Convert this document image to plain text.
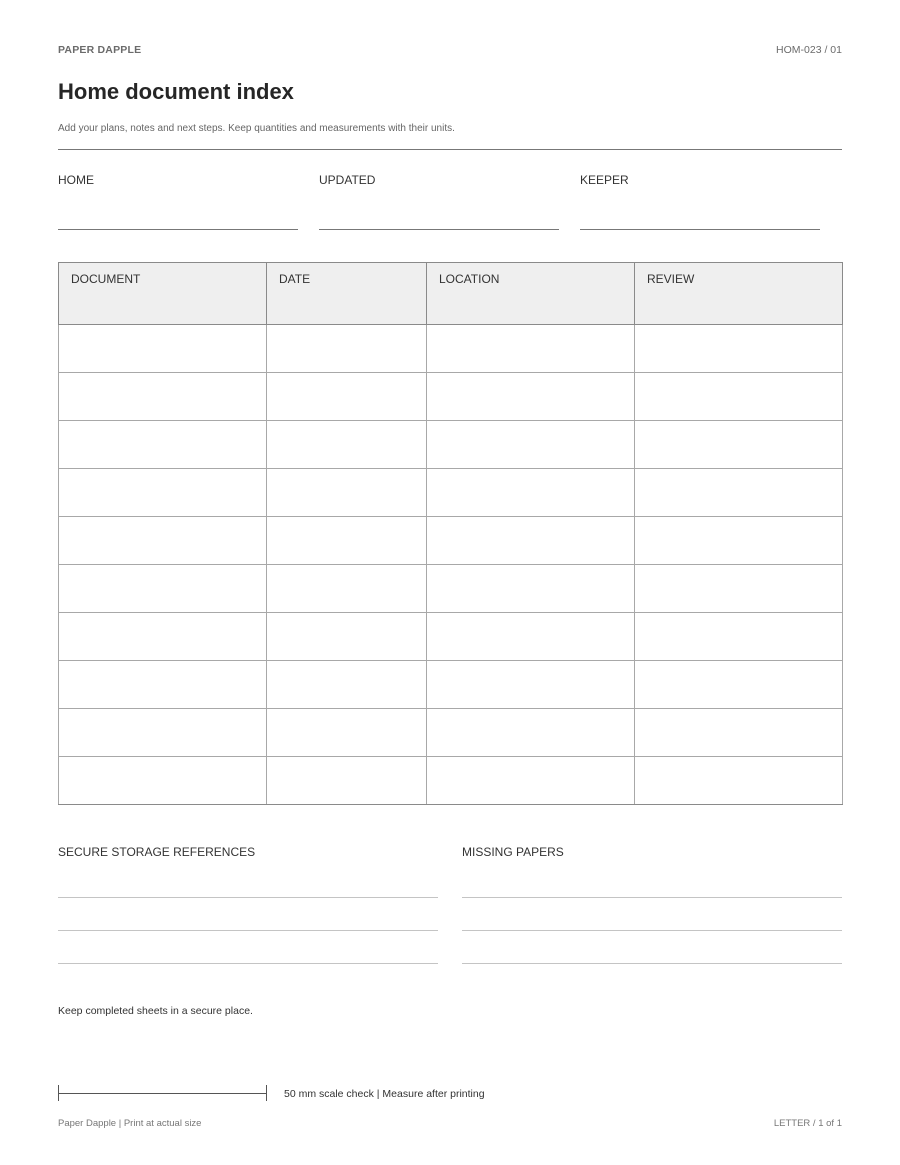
PAPER DAPPLE	HOM-023 / 01
Home document index
Add your plans, notes and next steps. Keep quantities and measurements with their units.
HOME	UPDATED	KEEPER
DOCUMENT	DATE	LOCATION	REVIEW

SECURE STORAGE REFERENCES	MISSING PAPERS
Keep completed sheets in a secure place.
50 mm scale check | Measure after printing
Paper Dapple | Print at actual size	LETTER / 1 of 1
